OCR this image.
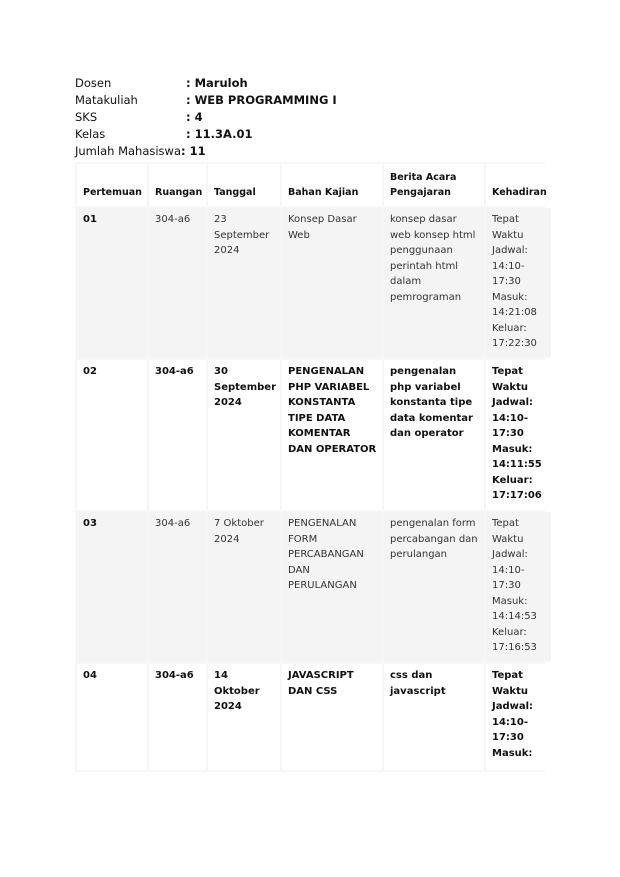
Dosen	: Maruloh
Matakuliah	: WEB PROGRAMMING I
SKS	: 4
Kelas	: 11.3A.01
Jumlah Mahasiswa : 11
Pertemuan	Ruangan	Tanggal	Bahan Kajian	Berita Acara Pengajaran	Kehadiran
01	304-a6	23 September 2024	Konsep Dasar Web	konsep dasar web konsep html penggunaan perintah html dalam pemrograman	Tepat Waktu Jadwal: 14:10-17:30 Masuk: 14:21:08 Keluar: 17:22:30
02	304-a6	30 September 2024	PENGENALAN PHP VARIABEL KONSTANTA TIPE DATA KOMENTAR DAN OPERATOR	pengenalan php variabel konstanta tipe data komentar dan operator	Tepat Waktu Jadwal: 14:10-17:30 Masuk: 14:11:55 Keluar: 17:17:06
03	304-a6	7 Oktober 2024	PENGENALAN FORM PERCABANGAN DAN PERULANGAN	pengenalan form percabangan dan perulangan	Tepat Waktu Jadwal: 14:10-17:30 Masuk: 14:14:53 Keluar: 17:16:53
04	304-a6	14 Oktober 2024	JAVASCRIPT DAN CSS	css dan javascript	Tepat Waktu Jadwal: 14:10-17:30 Masuk:
